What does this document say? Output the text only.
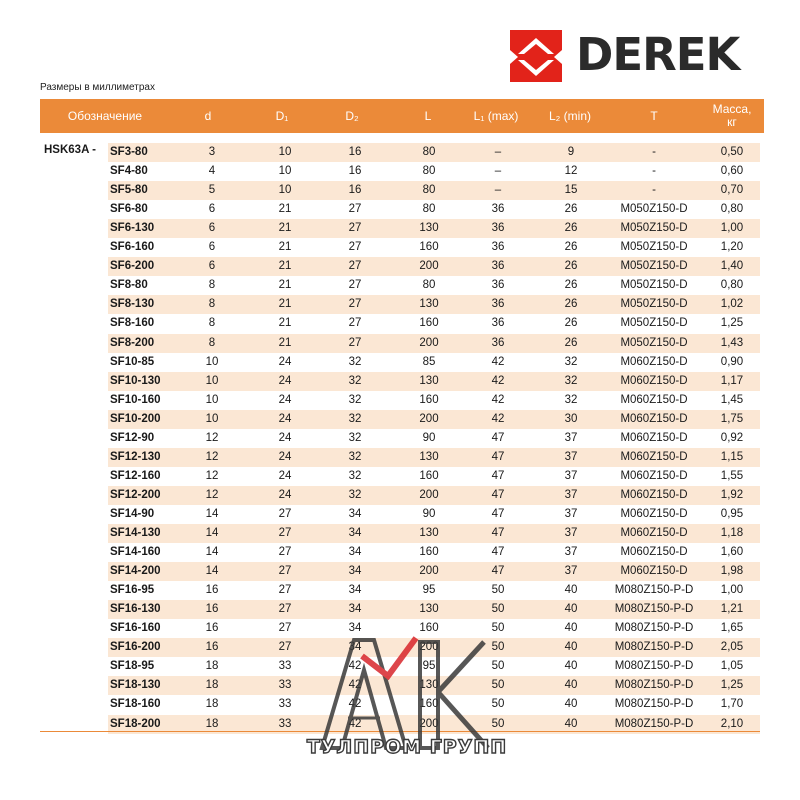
DEREK
Размеры в миллиметрах
Обозначение	d	D₁	D₂	L	L₁ (max)	L₂ (min)	T	Масса,
кг
HSK63A - SF3-80	3	10	16	80	–	9	-	0,50
SF4-80	4	10	16	80	–	12	-	0,60
SF5-80	5	10	16	80	–	15	-	0,70
SF6-80	6	21	27	80	36	26	M050Z150-D	0,80
SF6-130	6	21	27	130	36	26	M050Z150-D	1,00
SF6-160	6	21	27	160	36	26	M050Z150-D	1,20
SF6-200	6	21	27	200	36	26	M050Z150-D	1,40
SF8-80	8	21	27	80	36	26	M050Z150-D	0,80
SF8-130	8	21	27	130	36	26	M050Z150-D	1,02
SF8-160	8	21	27	160	36	26	M050Z150-D	1,25
SF8-200	8	21	27	200	36	26	M050Z150-D	1,43
SF10-85	10	24	32	85	42	32	M060Z150-D	0,90
SF10-130	10	24	32	130	42	32	M060Z150-D	1,17
SF10-160	10	24	32	160	42	32	M060Z150-D	1,45
SF10-200	10	24	32	200	42	30	M060Z150-D	1,75
SF12-90	12	24	32	90	47	37	M060Z150-D	0,92
SF12-130	12	24	32	130	47	37	M060Z150-D	1,15
SF12-160	12	24	32	160	47	37	M060Z150-D	1,55
SF12-200	12	24	32	200	47	37	M060Z150-D	1,92
SF14-90	14	27	34	90	47	37	M060Z150-D	0,95
SF14-130	14	27	34	130	47	37	M060Z150-D	1,18
SF14-160	14	27	34	160	47	37	M060Z150-D	1,60
SF14-200	14	27	34	200	47	37	M060Z150-D	1,98
SF16-95	16	27	34	95	50	40	M080Z150-P-D 1,00
SF16-130	16	27	34	130	50	40	M080Z150-P-D 1,21
SF16-160	16	27	34	160	50	40	M080Z150-P-D 1,65
SF16-200	16	27	34	200	50	40	M080Z150-P-D 2,05
SF18-95	18	33	42	95	50	40	M080Z150-P-D 1,05
SF18-130	18	33	42	130	50	40	M080Z150-P-D 1,25
SF18-160	18	33	42	160	50	40	M080Z150-P-D 1,70
SF18-200	18	33	42	200	50	40	M080Z150-P-D 2,10
ТУЛПРОМ ГРУПП
